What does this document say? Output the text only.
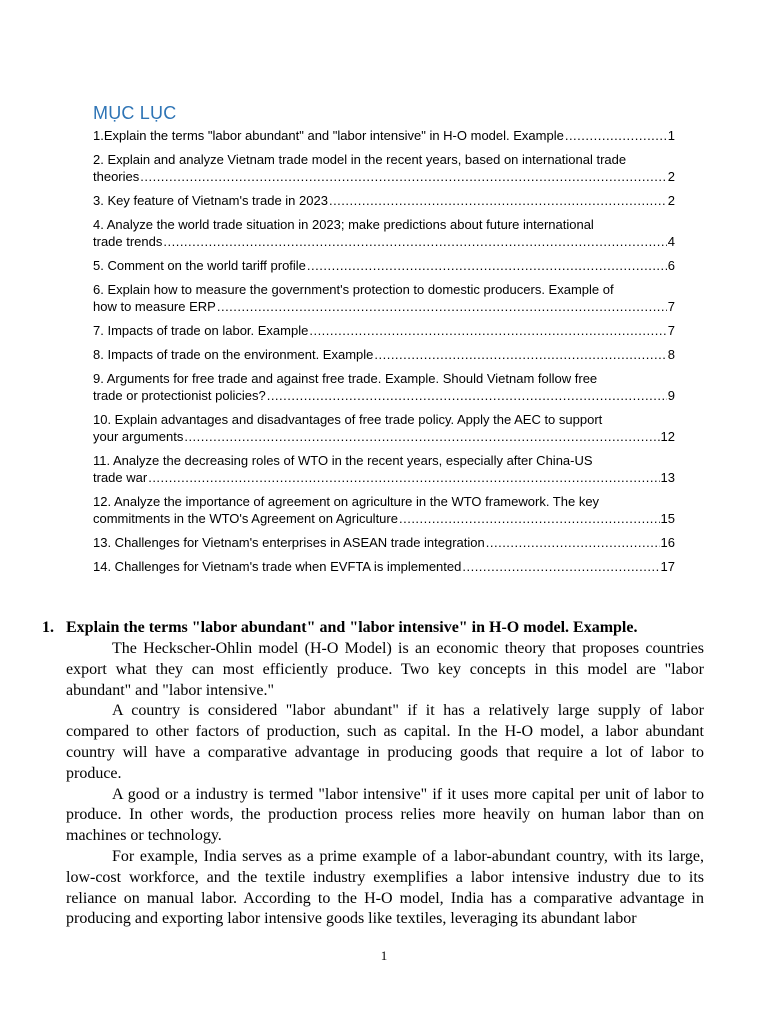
MỤC LỤC
1. Explain the terms "labor abundant" and "labor intensive" in H-O model. Example .....	1
2. Explain and analyze Vietnam trade model in the recent years, based on international trade
theories .....	2
3. Key feature of Vietnam's trade in 2023 .....	2
4. Analyze the world trade situation in 2023; make predictions about future international
trade trends .....	4
5. Comment on the world tariff profile .....	6
6. Explain how to measure the government's protection to domestic producers. Example of
how to measure ERP .....	7
7. Impacts of trade on labor. Example .....	7
8. Impacts of trade on the environment. Example .....	8
9. Arguments for free trade and against free trade. Example. Should Vietnam follow free
trade or protectionist policies? .....	9
10. Explain advantages and disadvantages of free trade policy. Apply the AEC to support
your arguments .....	12
11. Analyze the decreasing roles of WTO in the recent years, especially after China-US
trade war .....	13
12. Analyze the importance of agreement on agriculture in the WTO framework. The key
commitments in the WTO's Agreement on Agriculture .....	15
13. Challenges for Vietnam's enterprises in ASEAN trade integration .....	16
14. Challenges for Vietnam's trade when EVFTA is implemented .....	17
1. Explain the terms "labor abundant" and "labor intensive" in H-O model. Example.

The Heckscher-Ohlin model (H-O Model) is an economic theory that proposes countries export what they can most efficiently produce. Two key concepts in this model are "labor abundant" and "labor intensive."

A country is considered "labor abundant" if it has a relatively large supply of labor compared to other factors of production, such as capital. In the H-O model, a labor abundant country will have a comparative advantage in producing goods that require a lot of labor to produce.

A good or a industry is termed "labor intensive" if it uses more capital per unit of labor to produce. In other words, the production process relies more heavily on human labor than on machines or technology.

For example, India serves as a prime example of a labor-abundant country, with its large, low-cost workforce, and the textile industry exemplifies a labor intensive industry due to its reliance on manual labor. According to the H-O model, India has a comparative advantage in producing and exporting labor intensive goods like textiles, leveraging its abundant labor

1
